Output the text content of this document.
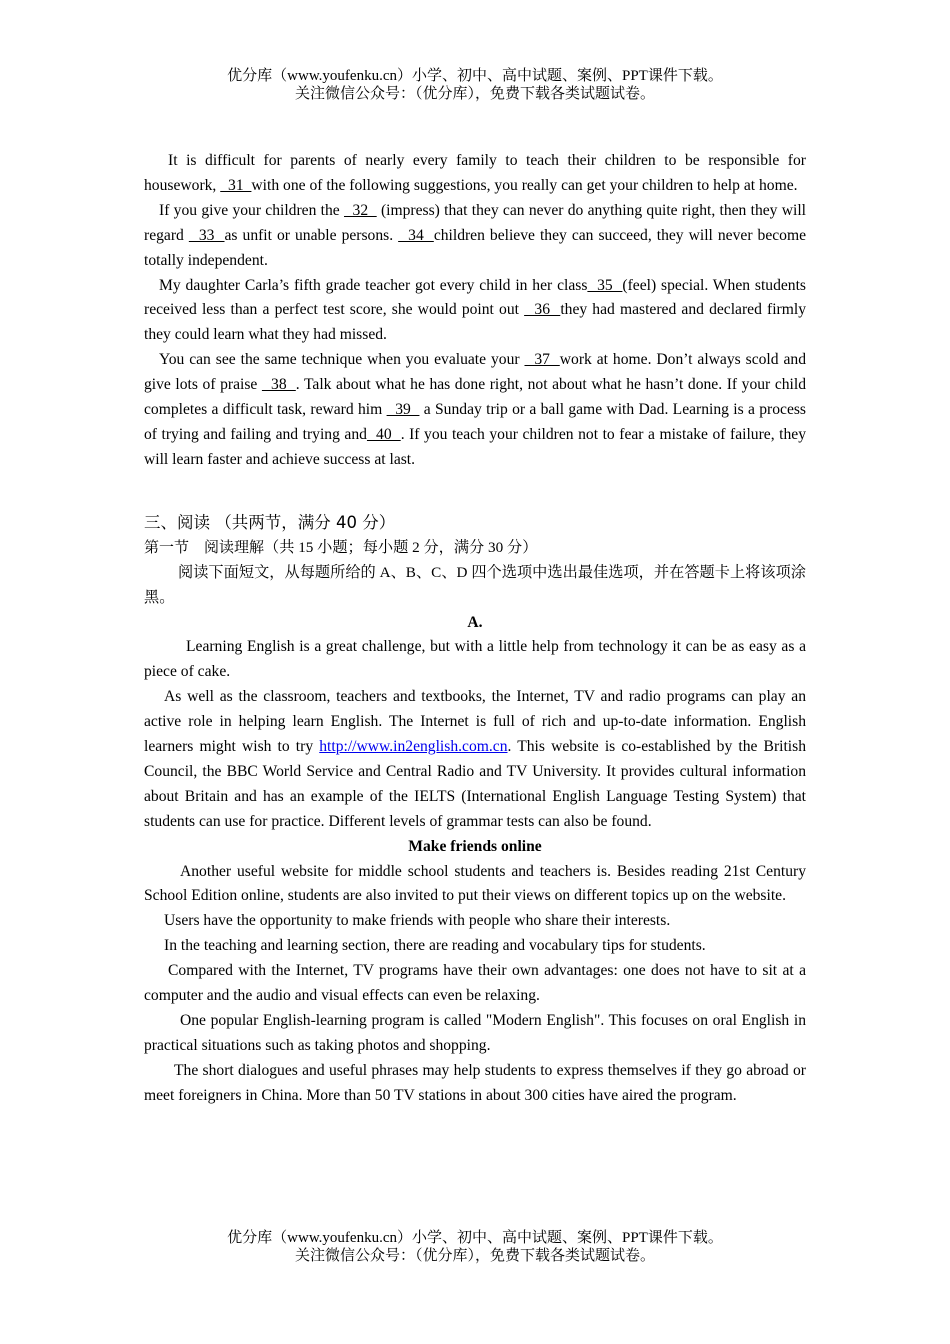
优分库（www.youfenku.cn）小学、初中、高中试题、案例、PPT课件下载。
关注微信公众号：（优分库），免费下载各类试题试卷。

It is difficult for parents of nearly every family to teach their children to be responsible for housework,   31  with one of the following suggestions, you really can get your children to help at home.

If you give your children the   32   (impress) that they can never do anything quite right, then they will regard   33  as unfit or unable persons.   34  children believe they can succeed, they will never become totally independent.

My daughter Carla’s fifth grade teacher got every child in her class  35  (feel) special. When students received less than a perfect test score, she would point out   36  they had mastered and declared firmly they could learn what they had missed.

You can see the same technique when you evaluate your   37  work at home. Don’t always scold and give lots of praise   38  . Talk about what he has done right, not about what he hasn’t done. If your child completes a difficult task, reward him   39   a Sunday trip or a ball game with Dad. Learning is a process of trying and failing and trying and  40  . If you teach your children not to fear a mistake of failure, they will learn faster and achieve success at last.

三、阅读 （共两节，满分 40 分）

第一节　阅读理解（共 15 小题；每小题 2 分，满分 30 分）

阅读下面短文，从每题所给的 A、B、C、D 四个选项中选出最佳选项，并在答题卡上将该项涂黑。

A.

Learning English is a great challenge, but with a little help from technology it can be as easy as a piece of cake.

As well as the classroom, teachers and textbooks, the Internet, TV and radio programs can play an active role in helping learn English. The Internet is full of rich and up-to-date information. English learners might wish to try http://www.in2english.com.cn. This website is co-established by the British Council, the BBC World Service and Central Radio and TV University. It provides cultural information about Britain and has an example of the IELTS (International English Language Testing System) that students can use for practice. Different levels of grammar tests can also be found.

Make friends online

Another useful website for middle school students and teachers is. Besides reading 21st Century School Edition online, students are also invited to put their views on different topics up on the website.

Users have the opportunity to make friends with people who share their interests.

In the teaching and learning section, there are reading and vocabulary tips for students.

Compared with the Internet, TV programs have their own advantages: one does not have to sit at a computer and the audio and visual effects can even be relaxing.

One popular English-learning program is called "Modern English". This focuses on oral English in practical situations such as taking photos and shopping.

The short dialogues and useful phrases may help students to express themselves if they go abroad or meet foreigners in China. More than 50 TV stations in about 300 cities have aired the program.

优分库（www.youfenku.cn）小学、初中、高中试题、案例、PPT课件下载。
关注微信公众号：（优分库），免费下载各类试题试卷。
